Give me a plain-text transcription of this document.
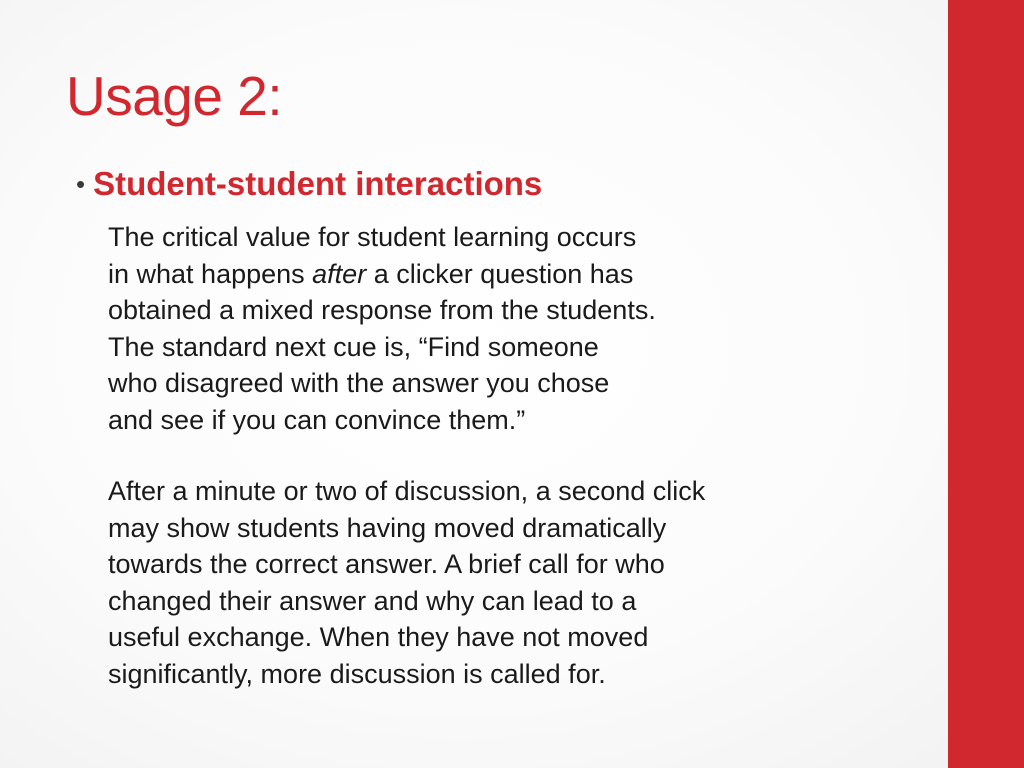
Usage 2:
• Student-student interactions

The critical value for student learning occurs
in what happens after a clicker question has
obtained a mixed response from the students.
The standard next cue is, “Find someone
who disagreed with the answer you chose
and see if you can convince them.”

After a minute or two of discussion, a second click
may show students having moved dramatically
towards the correct answer. A brief call for who
changed their answer and why can lead to a
useful exchange. When they have not moved
significantly, more discussion is called for.
